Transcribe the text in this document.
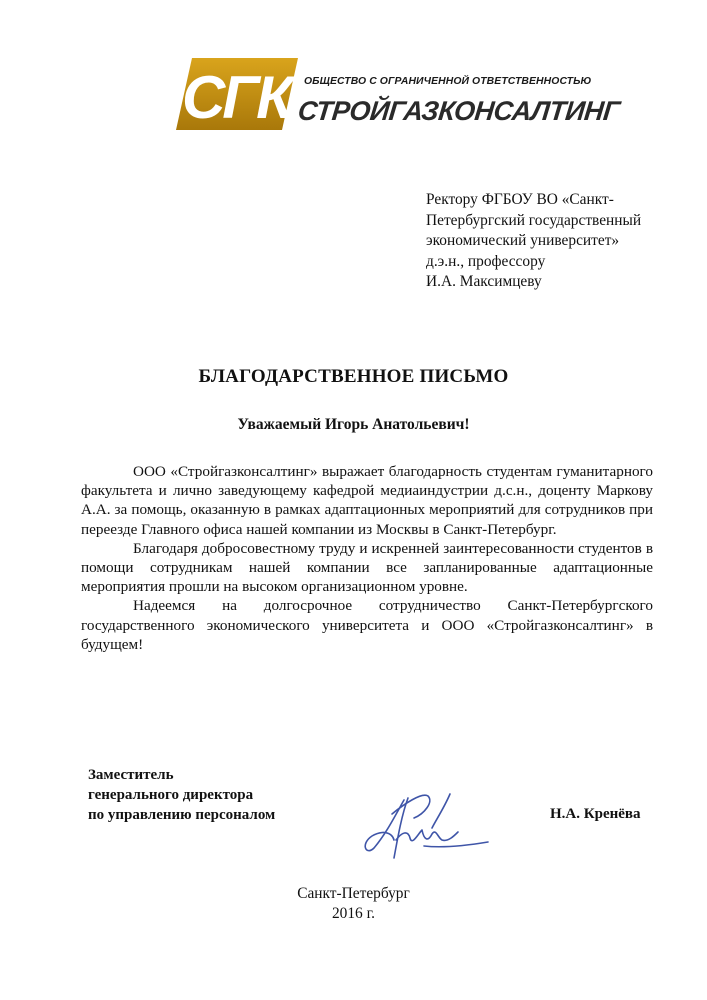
СГК	ОБЩЕСТВО С ОГРАНИЧЕННОЙ ОТВЕТСТВЕННОСТЬЮ
СТРОЙГАЗКОНСАЛТИНГ
Ректору ФГБОУ ВО «Санкт-
Петербургский государственный
экономический университет»
д.э.н., профессору
И.А. Максимцеву
БЛАГОДАРСТВЕННОЕ ПИСЬМО
Уважаемый Игорь Анатольевич!

ООО «Стройгазконсалтинг» выражает благодарность студентам гуманитарного факультета и лично заведующему кафедрой медиаиндустрии д.с.н., доценту Маркову А.А. за помощь, оказанную в рамках адаптационных мероприятий для сотрудников при переезде Главного офиса нашей компании из Москвы в Санкт-Петербург.

Благодаря добросовестному труду и искренней заинтересованности студентов в помощи сотрудникам нашей компании все запланированные адаптационные мероприятия прошли на высоком организационном уровне.

Надеемся на долгосрочное сотрудничество Санкт-Петербургского государственного экономического университета и ООО «Стройгазконсалтинг» в будущем!

Заместитель
генерального директора
по управлению персоналом	Н.А. Кренёва
Санкт-Петербург
2016 г.
